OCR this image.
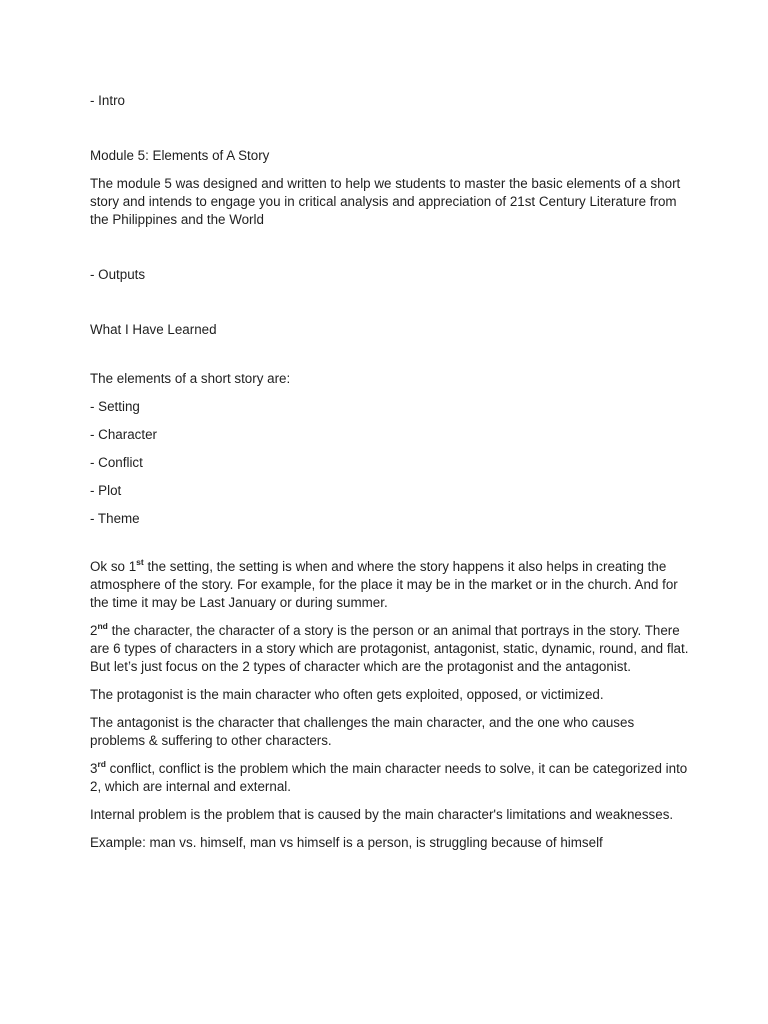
- Intro

Module 5: Elements of A Story

The module 5 was designed and written to help we students to master the basic elements of a short story and intends to engage you in critical analysis and appreciation of 21st Century Literature from the Philippines and the World

- Outputs

What I Have Learned

The elements of a short story are:

- Setting

- Character

- Conflict

- Plot

- Theme

Ok so 1st the setting, the setting is when and where the story happens it also helps in creating the atmosphere of the story. For example, for the place it may be in the market or in the church. And for the time it may be Last January or during summer.

2nd the character, the character of a story is the person or an animal that portrays in the story. There are 6 types of characters in a story which are protagonist, antagonist, static, dynamic, round, and flat. But let’s just focus on the 2 types of character which are the protagonist and the antagonist.

The protagonist is the main character who often gets exploited, opposed, or victimized.

The antagonist is the character that challenges the main character, and the one who causes problems & suffering to other characters.

3rd conflict, conflict is the problem which the main character needs to solve, it can be categorized into 2, which are internal and external.

Internal problem is the problem that is caused by the main character's limitations and weaknesses.

Example: man vs. himself, man vs himself is a person, is struggling because of himself
